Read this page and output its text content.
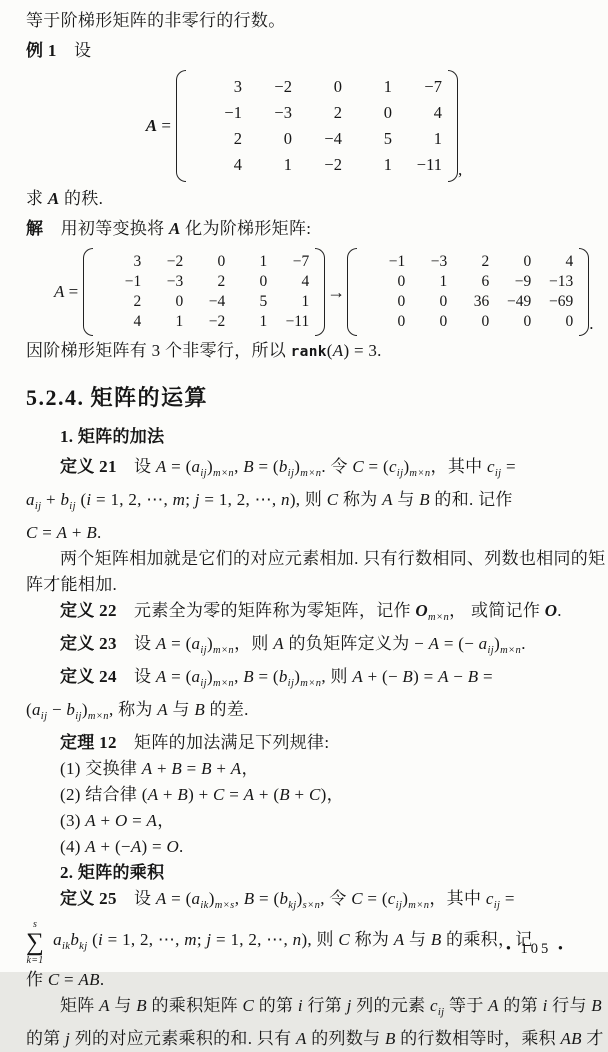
等于阶梯形矩阵的非零行的行数。

例 1　设

A =
3	−2	0	1	−7
−1	−3	2	0	4
2	0	−4	5	1
4	1	−2	1	−11 ,

求 A 的秩.

解　用初等变换将 A 化为阶梯形矩阵:

A =
3	−2	0	1	−7
−1	−3	2	0	4
2	0	−4	5	1
4	1	−2	1	−11
→
−1	−3	2	0	4
0	1	6	−9	−13
0	0	36	−49	−69
0	0	0	0	0 .

因阶梯形矩阵有 3 个非零行，所以 rank(A) = 3.

5.2.4. 矩阵的运算

1. 矩阵的加法

定义 21　设 $A = (a_{ij})_{m\times n}$, $B = (b_{ij})_{m\times n}$. 令 $C = (c_{ij})_{m\times n}$，其中 $c_{ij}$ =

$a_{ij} + b_{ij}$ (i = 1, 2, ⋯, m; j = 1, 2, ⋯, n), 则 C 称为 A 与 B 的和. 记作

C = A + B.

两个矩阵相加就是它们的对应元素相加. 只有行数相同、列数也相同的矩

阵才能相加.

定义 22　元素全为零的矩阵称为零矩阵，记作 $O_{m\times n}$， 或简记作 O.

定义 23　设 $A = (a_{ij})_{m\times n}$，则 A 的负矩阵定义为 − A = (− $a_{ij})_{m\times n}$.

定义 24　设 $A = (a_{ij})_{m\times n}$, $B = (b_{ij})_{m\times n}$, 则 A + (− B) = A − B =

$(a_{ij} - b_{ij})_{m\times n}$, 称为 A 与 B 的差.

定理 12　矩阵的加法满足下列规律:

(1) 交换律 A + B = B + A，

(2) 结合律 (A + B) + C = A + (B + C)，

(3) A + O = A，

(4) A + (−A) = O.

2. 矩阵的乘积

定义 25　设 $A = (a_{ik})_{m\times s}$, $B = (b_{kj})_{s\times n}$, 令 $C = (c_{ij})_{m\times n}$，其中 $c_{ij}$ =

s
∑
k=1
$a_{ik}b_{kj}$ (i = 1, 2, ⋯, m; j = 1, 2, ⋯, n), 则 C 称为 A 与 B 的乘积，记

作 C = AB.

矩阵 A 与 B 的乘积矩阵 C 的第 i 行第 j 列的元素 $c_{ij}$ 等于 A 的第 i 行与 B

的第 j 列的对应元素乘积的和. 只有 A 的列数与 B 的行数相等时，乘积 AB 才

• 105 •
